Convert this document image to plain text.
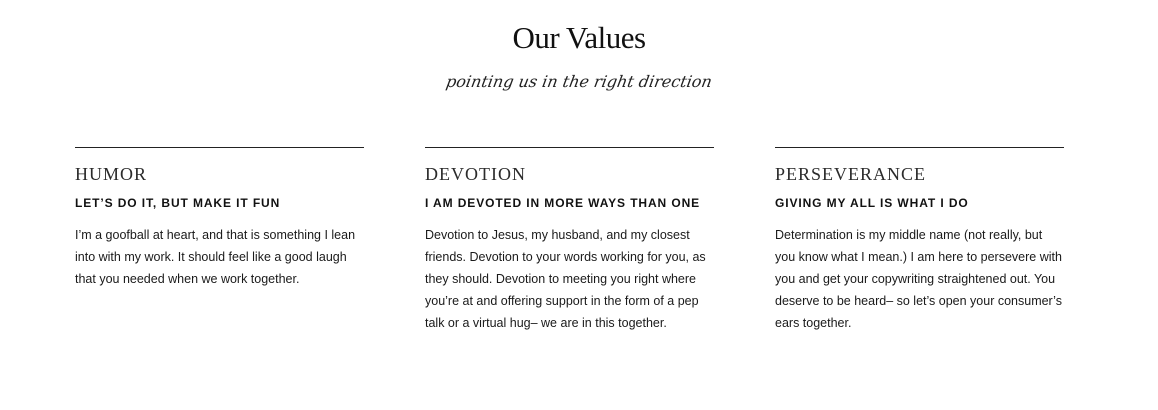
Our Values
pointing us in the right direction
HUMOR
LET’S DO IT, BUT MAKE IT FUN
I’m a goofball at heart, and that is something I lean into with my work. It should feel like a good laugh that you needed when we work together.
DEVOTION
I AM DEVOTED IN MORE WAYS THAN ONE
Devotion to Jesus, my husband, and my closest friends. Devotion to your words working for you, as they should. Devotion to meeting you right where you’re at and offering support in the form of a pep talk or a virtual hug– we are in this together.
PERSEVERANCE
GIVING MY ALL IS WHAT I DO
Determination is my middle name (not really, but you know what I mean.) I am here to persevere with you and get your copywriting straightened out. You deserve to be heard– so let’s open your consumer’s ears together.
